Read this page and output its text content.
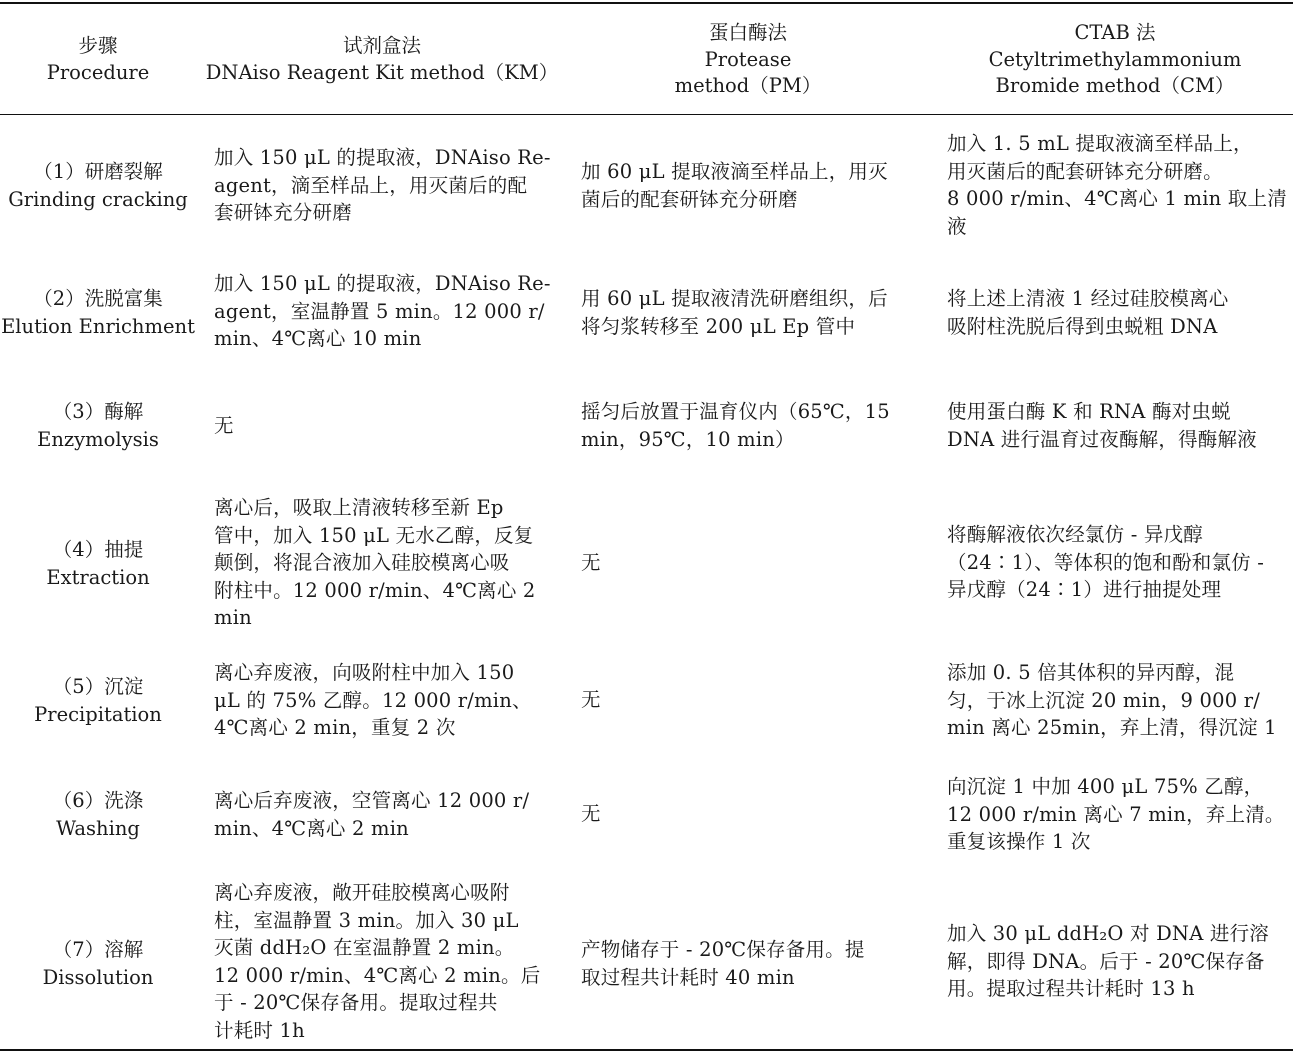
步骤
Procedure
试剂盒法
DNAiso Reagent Kit method（KM）
蛋白酶法
Protease
method（PM）
CTAB 法
Cetyltrimethylammonium
Bromide method（CM）
（1）研磨裂解
Grinding cracking
加入 150 μL 的提取液，DNAiso Re-
agent，滴至样品上，用灭菌后的配
套研钵充分研磨
加 60 μL 提取液滴至样品上，用灭
菌后的配套研钵充分研磨
加入 1. 5 mL 提取液滴至样品上，
用灭菌后的配套研钵充分研磨。
8 000 r/min、4℃离心 1 min 取上清
液
（2）洗脱富集
Elution Enrichment
加入 150 μL 的提取液，DNAiso Re-
agent，室温静置 5 min。12 000 r/
min、4℃离心 10 min
用 60 μL 提取液清洗研磨组织，后
将匀浆转移至 200 μL Ep 管中
将上述上清液 1 经过硅胶模离心
吸附柱洗脱后得到虫蜕粗 DNA
（3）酶解
Enzymolysis
无
摇匀后放置于温育仪内（65℃，15
min，95℃，10 min）
使用蛋白酶 K 和 RNA 酶对虫蜕
DNA 进行温育过夜酶解，得酶解液
（4）抽提
Extraction
离心后，吸取上清液转移至新 Ep
管中，加入 150 μL 无水乙醇，反复
颠倒，将混合液加入硅胶模离心吸
附柱中。12 000 r/min、4℃离心 2
min
无
将酶解液依次经氯仿 - 异戊醇
（24∶1）、等体积的饱和酚和氯仿 -
异戊醇（24∶1）进行抽提处理
（5）沉淀
Precipitation
离心弃废液，向吸附柱中加入 150
μL 的 75% 乙醇。12 000 r/min、
4℃离心 2 min，重复 2 次
无
添加 0. 5 倍其体积的异丙醇，混
匀，于冰上沉淀 20 min，9 000 r/
min 离心 25min，弃上清，得沉淀 1
（6）洗涤
Washing
离心后弃废液，空管离心 12 000 r/
min、4℃离心 2 min
无
向沉淀 1 中加 400 μL 75% 乙醇，
12 000 r/min 离心 7 min，弃上清。
重复该操作 1 次
（7）溶解
Dissolution
离心弃废液，敞开硅胶模离心吸附
柱，室温静置 3 min。加入 30 μL
灭菌 ddH₂O 在室温静置 2 min。
12 000 r/min、4℃离心 2 min。后
于 - 20℃保存备用。提取过程共
计耗时 1h
产物储存于 - 20℃保存备用。提
取过程共计耗时 40 min
加入 30 μL ddH₂O 对 DNA 进行溶
解，即得 DNA。后于 - 20℃保存备
用。提取过程共计耗时 13 h
